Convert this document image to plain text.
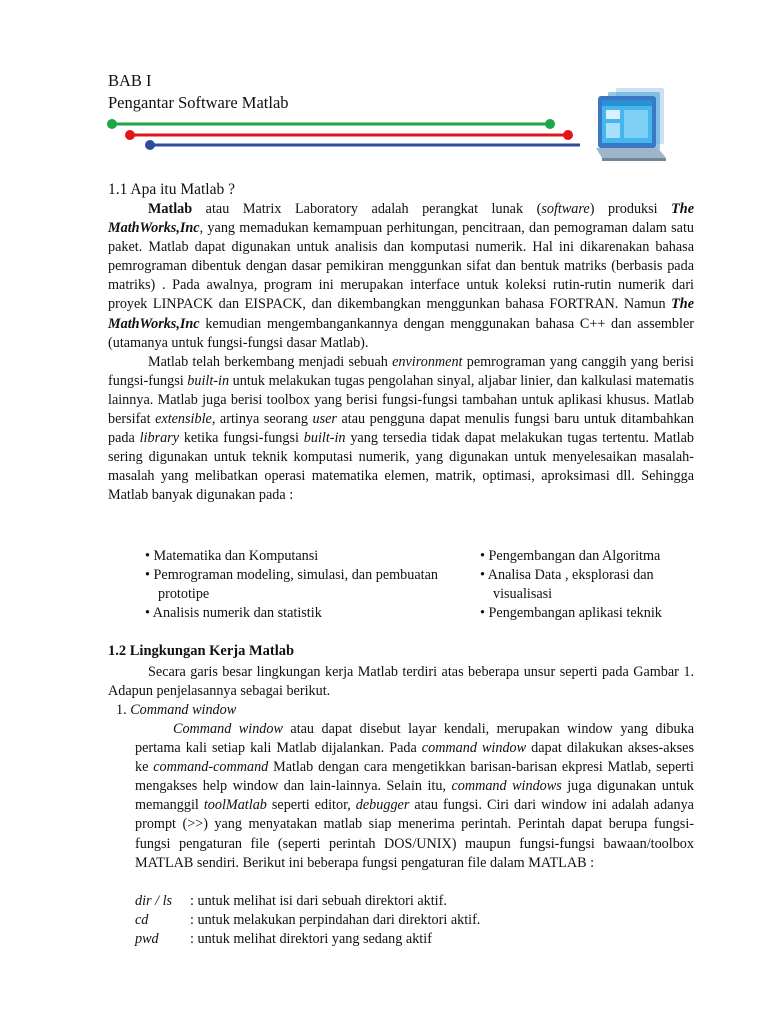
BAB I
Pengantar Software Matlab
1.1 Apa itu Matlab ?

Matlab atau Matrix Laboratory adalah perangkat lunak (software) produksi The MathWorks,Inc, yang memadukan kemampuan perhitungan, pencitraan, dan pemograman dalam satu paket. Matlab dapat digunakan untuk analisis dan komputasi numerik. Hal ini dikarenakan bahasa pemrograman dibentuk dengan dasar pemikiran menggunkan sifat dan bentuk matriks (berbasis pada matriks) . Pada awalnya, program ini merupakan interface untuk koleksi rutin-rutin numerik dari proyek LINPACK dan EISPACK, dan dikembangkan menggunkan bahasa FORTRAN. Namun The MathWorks,Inc kemudian mengembangankannya dengan menggunakan bahasa C++ dan assembler (utamanya untuk fungsi-fungsi dasar Matlab).

Matlab telah berkembang menjadi sebuah environment pemrograman yang canggih yang berisi fungsi-fungsi built-in untuk melakukan tugas pengolahan sinyal, aljabar linier, dan kalkulasi matematis lainnya. Matlab juga berisi toolbox yang berisi fungsi-fungsi tambahan untuk aplikasi khusus. Matlab bersifat extensible, artinya seorang user atau pengguna dapat menulis fungsi baru untuk ditambahkan pada library ketika fungsi-fungsi built-in yang tersedia tidak dapat melakukan tugas tertentu. Matlab sering digunakan untuk teknik komputasi numerik, yang digunakan untuk menyelesaikan masalah-masalah yang melibatkan operasi matematika elemen, matrik, optimasi, aproksimasi dll. Sehingga Matlab banyak digunakan pada :

• Matematika dan Komputansi
• Pemrograman modeling, simulasi, dan pembuatan
prototipe
• Analisis numerik dan statistik
• Pengembangan dan Algoritma
• Analisa Data , eksplorasi dan
visualisasi
• Pengembangan aplikasi teknik
1.2 Lingkungan Kerja Matlab

Secara garis besar lingkungan kerja Matlab terdiri atas beberapa unsur seperti pada Gambar 1. Adapun penjelasannya sebagai berikut.

1. Command window

Command window atau dapat disebut layar kendali, merupakan window yang dibuka pertama kali setiap kali Matlab dijalankan. Pada command window dapat dilakukan akses-akses ke command-command Matlab dengan cara mengetikkan barisan-barisan ekpresi Matlab, seperti mengakses help window dan lain-lainnya. Selain itu, command windows juga digunakan untuk memanggil toolMatlab seperti editor, debugger atau fungsi. Ciri dari window ini adalah adanya prompt (>>) yang menyatakan matlab siap menerima perintah. Perintah dapat berupa fungsi-fungsi pengaturan file (seperti perintah DOS/UNIX) maupun fungsi-fungsi bawaan/toolbox MATLAB sendiri. Berikut ini beberapa fungsi pengaturan file dalam MATLAB :

dir / ls	: untuk melihat isi dari sebuah direktori aktif.
cd	: untuk melakukan perpindahan dari direktori aktif.
pwd	: untuk melihat direktori yang sedang aktif
